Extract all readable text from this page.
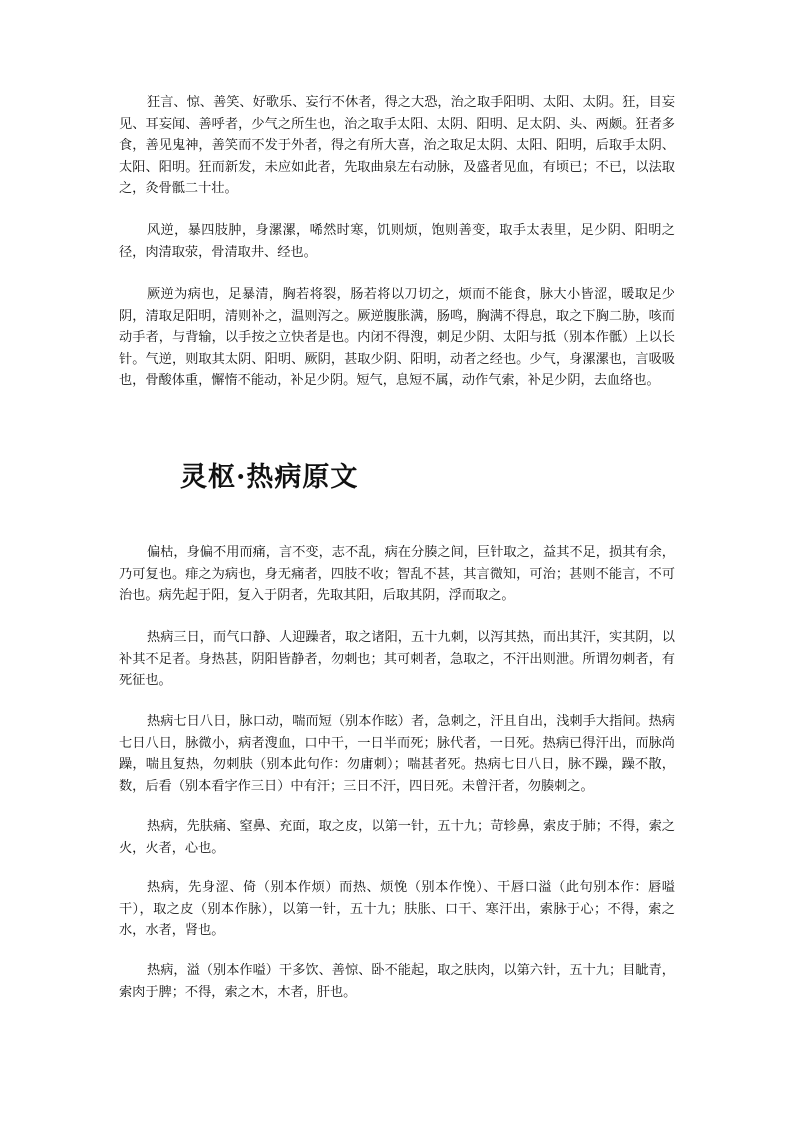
狂言、惊、善笑、好歌乐、妄行不休者，得之大恐，治之取手阳明、太阳、太阴。狂，目妄见、耳妄闻、善呼者，少气之所生也，治之取手太阳、太阴、阳明、足太阴、头、两颇。狂者多食，善见鬼神，善笑而不发于外者，得之有所大喜，治之取足太阴、太阳、阳明，后取手太阴、太阳、阳明。狂而新发，未应如此者，先取曲泉左右动脉，及盛者见血，有顷已；不已，以法取之，灸骨骶二十壮。

风逆，暴四肢肿，身漯漯，唏然时寒，饥则烦，饱则善变，取手太表里，足少阴、阳明之径，肉清取荥，骨清取井、经也。

厥逆为病也，足暴清，胸若将裂，肠若将以刀切之，烦而不能食，脉大小皆涩，暖取足少阴，清取足阳明，清则补之，温则泻之。厥逆腹胀满，肠鸣，胸满不得息，取之下胸二胁，咳而动手者，与背输，以手按之立快者是也。内闭不得溲，刺足少阴、太阳与抵（别本作骶）上以长针。气逆，则取其太阴、阳明、厥阴，甚取少阴、阳明，动者之经也。少气，身漯漯也，言吸吸也，骨酸体重，懈惰不能动，补足少阴。短气，息短不属，动作气索，补足少阴，去血络也。

灵枢·热病原文

偏枯，身偏不用而痛，言不变，志不乱，病在分腠之间，巨针取之，益其不足，损其有余，乃可复也。痱之为病也，身无痛者，四肢不收；智乱不甚，其言微知，可治；甚则不能言，不可治也。病先起于阳，复入于阴者，先取其阳，后取其阴，浮而取之。

热病三日，而气口静、人迎躁者，取之诸阳，五十九刺，以泻其热，而出其汗，实其阴，以补其不足者。身热甚，阴阳皆静者，勿刺也；其可刺者，急取之，不汗出则泄。所谓勿刺者，有死征也。

热病七日八日，脉口动，喘而短（别本作眩）者，急刺之，汗且自出，浅刺手大指间。热病七日八日，脉微小，病者溲血，口中干，一日半而死；脉代者，一日死。热病已得汗出，而脉尚躁，喘且复热，勿刺肤（别本此句作：勿庸刺）；喘甚者死。热病七日八日，脉不躁，躁不散，数，后看（别本看字作三日）中有汗；三日不汗，四日死。未曾汗者，勿腠刺之。

热病，先肤痛、窒鼻、充面，取之皮，以第一针，五十九；苛轸鼻，索皮于肺；不得，索之火，火者，心也。

热病，先身涩、倚（别本作烦）而热、烦悗（别本作悗）、干唇口溢（此句别本作：唇嗌干），取之皮（别本作脉），以第一针，五十九；肤胀、口干、寒汗出，索脉于心；不得，索之水，水者，肾也。

热病，溢（别本作嗌）干多饮、善惊、卧不能起，取之肤肉，以第六针，五十九；目眦青，索肉于脾；不得，索之木，木者，肝也。
